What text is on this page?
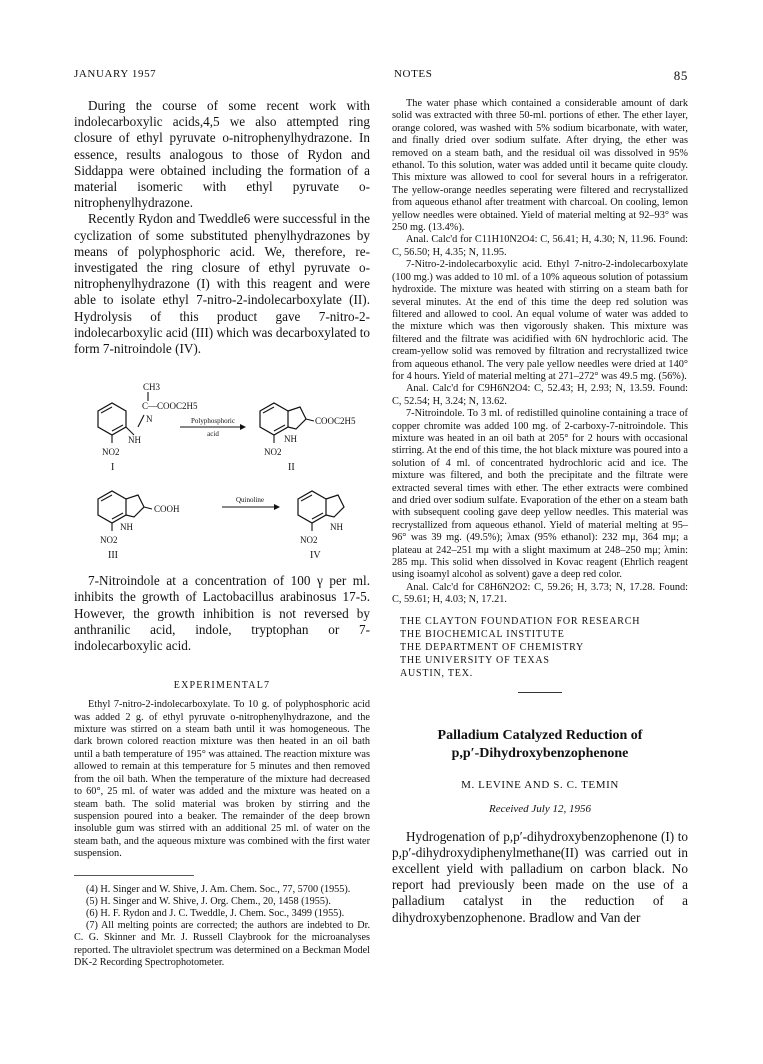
JANUARY 1957	NOTES	85

During the course of some recent work with indolecarboxylic acids,4,5 we also attempted ring closure of ethyl pyruvate o-nitrophenylhydrazone. In essence, results analogous to those of Rydon and Siddappa were obtained including the formation of a material isomeric with ethyl pyruvate o-nitrophenylhydrazone.

Recently Rydon and Tweddle6 were successful in the cyclization of some substituted phenylhydrazones by means of polyphosphoric acid. We, therefore, re-investigated the ring closure of ethyl pyruvate o-nitrophenylhydrazone (I) with this reagent and were able to isolate ethyl 7-nitro-2-indolecarboxylate (II). Hydrolysis of this product gave 7-nitro-2-indolecarboxylic acid (III) which was decarboxylated to form 7-nitroindole (IV).

CH3
C—COOC2H5
N
NH
NO2
I
Polyphosphoric
acid	NH
COOC2H5
NO2
II
NH
COOH
NO2
III
Quinoline
NH
NO2
IV

7-Nitroindole at a concentration of 100 γ per ml. inhibits the growth of Lactobacillus arabinosus 17-5. However, the growth inhibition is not reversed by anthranilic acid, indole, tryptophan or 7-indolecarboxylic acid.

EXPERIMENTAL7

Ethyl 7-nitro-2-indolecarboxylate. To 10 g. of polyphosphoric acid was added 2 g. of ethyl pyruvate o-nitrophenylhydrazone, and the mixture was stirred on a steam bath until it was homogeneous. The dark brown colored reaction mixture was then heated in an oil bath until a bath temperature of 195° was attained. The reaction mixture was allowed to remain at this temperature for 5 minutes and then removed from the oil bath. When the temperature of the mixture had decreased to 60°, 25 ml. of water was added and the mixture was heated on a steam bath. The solid material was broken by stirring and the suspension poured into a beaker. The remainder of the deep brown insoluble gum was stirred with an additional 25 ml. of water on the steam bath, and the aqueous mixture was combined with the first water suspension.

(4) H. Singer and W. Shive, J. Am. Chem. Soc., 77, 5700 (1955).

(5) H. Singer and W. Shive, J. Org. Chem., 20, 1458 (1955).

(6) H. F. Rydon and J. C. Tweddle, J. Chem. Soc., 3499 (1955).

(7) All melting points are corrected; the authors are indebted to Dr. C. G. Skinner and Mr. J. Russell Claybrook for the microanalyses reported. The ultraviolet spectrum was determined on a Beckman Model DK-2 Recording Spectrophotometer.

The water phase which contained a considerable amount of dark solid was extracted with three 50-ml. portions of ether. The ether layer, orange colored, was washed with 5% sodium bicarbonate, with water, and finally dried over sodium sulfate. After drying, the ether was removed on a steam bath, and the residual oil was dissolved in 95% ethanol. To this solution, water was added until it became quite cloudy. This mixture was allowed to cool for several hours in a refrigerator. The yellow-orange needles seperating were filtered and recrystallized from aqueous ethanol after treatment with charcoal. On cooling, lemon yellow needles were obtained. Yield of material melting at 92–93° was 250 mg. (13.4%).

Anal. Calc'd for C11H10N2O4: C, 56.41; H, 4.30; N, 11.96. Found: C, 56.50; H, 4.35; N, 11.95.

7-Nitro-2-indolecarboxylic acid. Ethyl 7-nitro-2-indolecarboxylate (100 mg.) was added to 10 ml. of a 10% aqueous solution of potassium hydroxide. The mixture was heated with stirring on a steam bath for several minutes. At the end of this time the deep red solution was filtered and allowed to cool. An equal volume of water was added to the mixture which was then vigorously shaken. This mixture was filtered and the filtrate was acidified with 6N hydrochloric acid. The cream-yellow solid was removed by filtration and recrystallized twice from aqueous ethanol. The very pale yellow needles were dried at 140° for 4 hours. Yield of material melting at 271–272° was 49.5 mg. (56%).

Anal. Calc'd for C9H6N2O4: C, 52.43; H, 2.93; N, 13.59. Found: C, 52.54; H, 3.24; N, 13.62.

7-Nitroindole. To 3 ml. of redistilled quinoline containing a trace of copper chromite was added 100 mg. of 2-carboxy-7-nitroindole. This mixture was heated in an oil bath at 205° for 2 hours with occasional stirring. At the end of this time, the hot black mixture was poured into a solution of 4 ml. of concentrated hydrochloric acid and ice. The mixture was filtered, and both the precipitate and the filtrate were extracted several times with ether. The ether extracts were combined and dried over sodium sulfate. Evaporation of the ether on a steam bath with subsequent cooling gave deep yellow needles. This material was recrystallized from aqueous ethanol. Yield of material melting at 95–96° was 39 mg. (49.5%); λmax (95% ethanol): 232 mμ, 364 mμ; a plateau at 242–251 mμ with a slight maximum at 248–250 mμ; λmin: 285 mμ. This solid when dissolved in Kovac reagent (Ehrlich reagent using isoamyl alcohol as solvent) gave a deep red color.

Anal. Calc'd for C8H6N2O2: C, 59.26; H, 3.73; N, 17.28. Found: C, 59.61; H, 4.03; N, 17.21.

THE CLAYTON FOUNDATION FOR RESEARCH
THE BIOCHEMICAL INSTITUTE
THE DEPARTMENT OF CHEMISTRY
THE UNIVERSITY OF TEXAS
AUSTIN, TEX.

Palladium Catalyzed Reduction of

p,p′-Dihydroxybenzophenone

M. LEVINE AND S. C. TEMIN
Received July 12, 1956

Hydrogenation of p,p′-dihydroxybenzophenone (I) to p,p′-dihydroxydiphenylmethane(II) was carried out in excellent yield with palladium on carbon black. No report had previously been made on the use of a palladium catalyst in the reduction of a dihydroxybenzophenone. Bradlow and Van der
